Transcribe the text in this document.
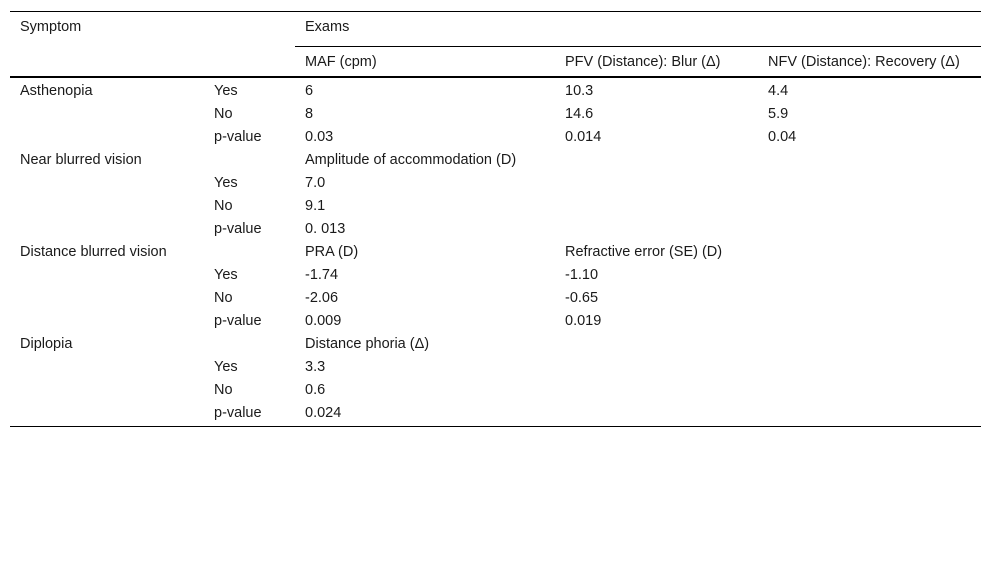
Symptom		Exams		
		MAF (cpm)	PFV (Distance): Blur (Δ)	NFV (Distance): Recovery (Δ)
Asthenopia	Yes	6	10.3	4.4
	No	8	14.6	5.9
	p-value	0.03	0.014	0.04
Near blurred vision		Amplitude of accommodation (D)		
	Yes	7.0		
	No	9.1		
	p-value	0. 013		
Distance blurred vision		PRA (D)	Refractive error (SE) (D)	
	Yes	-1.74	-1.10	
	No	-2.06	-0.65	
	p-value	0.009	0.019	
Diplopia		Distance phoria (Δ)		
	Yes	3.3		
	No	0.6		
	p-value	0.024		
